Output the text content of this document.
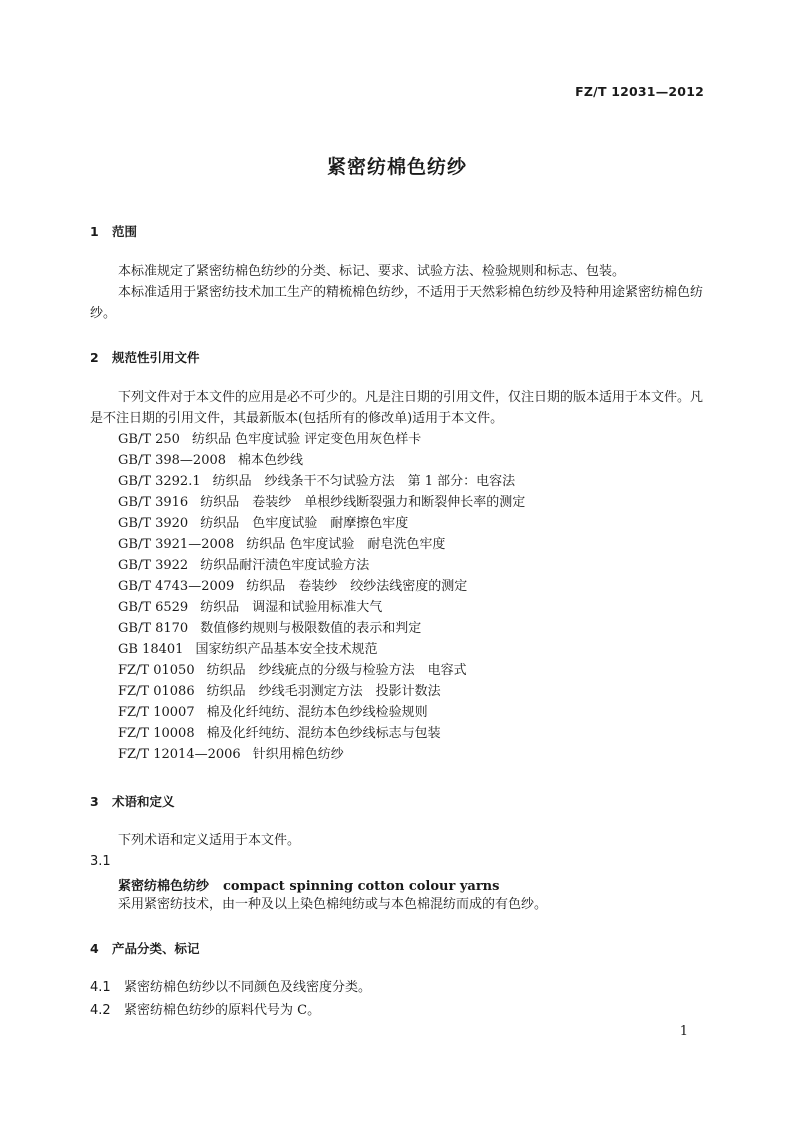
FZ/T 12031—2012
紧密纺棉色纺纱
1 范围
本标准规定了紧密纺棉色纺纱的分类、标记、要求、试验方法、检验规则和标志、包装。
本标准适用于紧密纺技术加工生产的精梳棉色纺纱，不适用于天然彩棉色纺纱及特种用途紧密纺棉色纺纱。
2 规范性引用文件
下列文件对于本文件的应用是必不可少的。凡是注日期的引用文件，仅注日期的版本适用于本文件。凡是不注日期的引用文件，其最新版本(包括所有的修改单)适用于本文件。
GB/T 250 纺织品 色牢度试验 评定变色用灰色样卡
GB/T 398—2008 棉本色纱线
GB/T 3292.1 纺织品　纱线条干不匀试验方法　第 1 部分：电容法
GB/T 3916 纺织品　卷装纱　单根纱线断裂强力和断裂伸长率的测定
GB/T 3920 纺织品　色牢度试验　耐摩擦色牢度
GB/T 3921—2008 纺织品 色牢度试验　耐皂洗色牢度
GB/T 3922 纺织品耐汗渍色牢度试验方法
GB/T 4743—2009 纺织品　卷装纱　绞纱法线密度的测定
GB/T 6529 纺织品　调湿和试验用标准大气
GB/T 8170 数值修约规则与极限数值的表示和判定
GB 18401 国家纺织产品基本安全技术规范
FZ/T 01050 纺织品　纱线疵点的分级与检验方法　电容式
FZ/T 01086 纺织品　纱线毛羽测定方法　投影计数法
FZ/T 10007 棉及化纤纯纺、混纺本色纱线检验规则
FZ/T 10008 棉及化纤纯纺、混纺本色纱线标志与包装
FZ/T 12014—2006 针织用棉色纺纱
3 术语和定义
下列术语和定义适用于本文件。
3.1
紧密纺棉色纺纱 compact spinning cotton colour yarns
采用紧密纺技术，由一种及以上染色棉纯纺或与本色棉混纺而成的有色纱。
4 产品分类、标记
4.1 紧密纺棉色纺纱以不同颜色及线密度分类。
4.2 紧密纺棉色纺纱的原料代号为 C。
1
